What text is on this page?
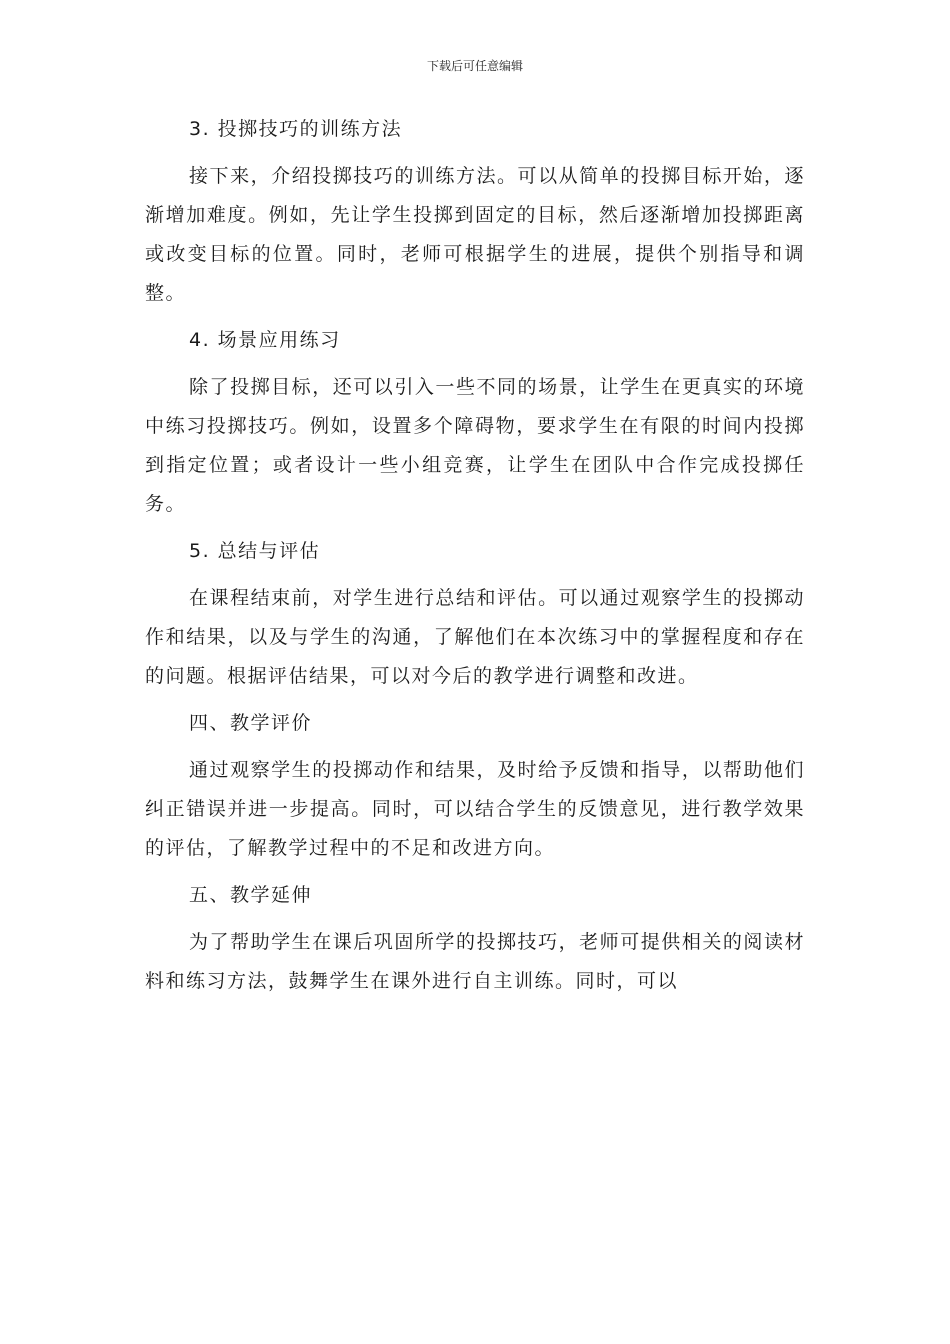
下载后可任意编辑
3. 投掷技巧的训练方法
接下来，介绍投掷技巧的训练方法。可以从简单的投掷目标开始，逐渐增加难度。例如，先让学生投掷到固定的目标，然后逐渐增加投掷距离或改变目标的位置。同时，老师可根据学生的进展，提供个别指导和调整。
4. 场景应用练习
除了投掷目标，还可以引入一些不同的场景，让学生在更真实的环境中练习投掷技巧。例如，设置多个障碍物，要求学生在有限的时间内投掷到指定位置；或者设计一些小组竞赛，让学生在团队中合作完成投掷任务。
5. 总结与评估
在课程结束前，对学生进行总结和评估。可以通过观察学生的投掷动作和结果，以及与学生的沟通，了解他们在本次练习中的掌握程度和存在的问题。根据评估结果，可以对今后的教学进行调整和改进。
四、教学评价
通过观察学生的投掷动作和结果，及时给予反馈和指导，以帮助他们纠正错误并进一步提高。同时，可以结合学生的反馈意见，进行教学效果的评估，了解教学过程中的不足和改进方向。
五、教学延伸
为了帮助学生在课后巩固所学的投掷技巧，老师可提供相关的阅读材料和练习方法，鼓舞学生在课外进行自主训练。同时，可以
